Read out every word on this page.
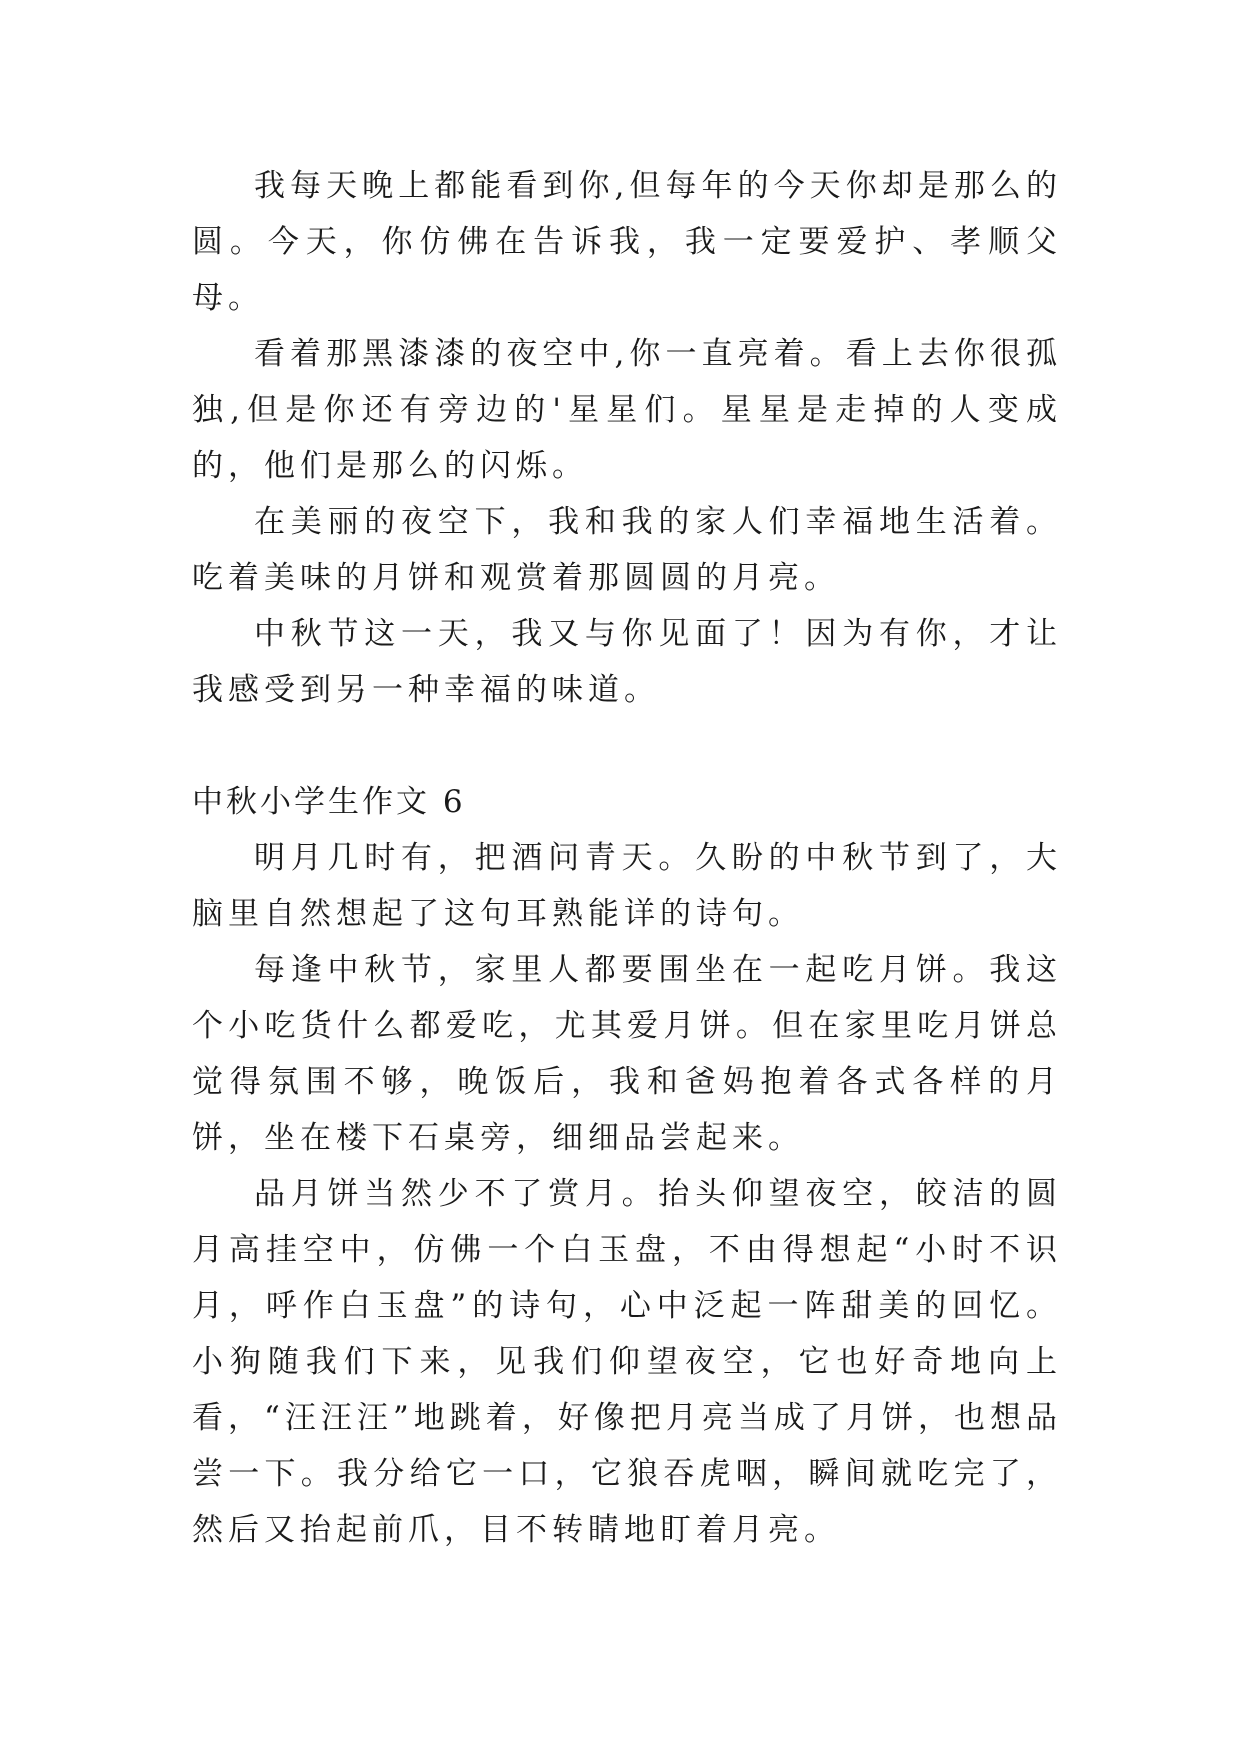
我每天晚上都能看到你,但每年的今天你却是那么的圆。今天，你仿佛在告诉我，我一定要爱护、孝顺父母。

看着那黑漆漆的夜空中,你一直亮着。看上去你很孤独,但是你还有旁边的'星星们。星星是走掉的人变成的，他们是那么的闪烁。

在美丽的夜空下，我和我的家人们幸福地生活着。吃着美味的月饼和观赏着那圆圆的月亮。

中秋节这一天，我又与你见面了！因为有你，才让我感受到另一种幸福的味道。

中秋小学生作文 6

明月几时有，把酒问青天。久盼的中秋节到了，大脑里自然想起了这句耳熟能详的诗句。

每逢中秋节，家里人都要围坐在一起吃月饼。我这个小吃货什么都爱吃，尤其爱月饼。但在家里吃月饼总觉得氛围不够，晚饭后，我和爸妈抱着各式各样的月饼，坐在楼下石桌旁，细细品尝起来。

品月饼当然少不了赏月。抬头仰望夜空，皎洁的圆月高挂空中，仿佛一个白玉盘，不由得想起“小时不识月，呼作白玉盘”的诗句，心中泛起一阵甜美的回忆。小狗随我们下来，见我们仰望夜空，它也好奇地向上看，“汪汪汪”地跳着，好像把月亮当成了月饼，也想品尝一下。我分给它一口，它狼吞虎咽，瞬间就吃完了，然后又抬起前爪，目不转睛地盯着月亮。
